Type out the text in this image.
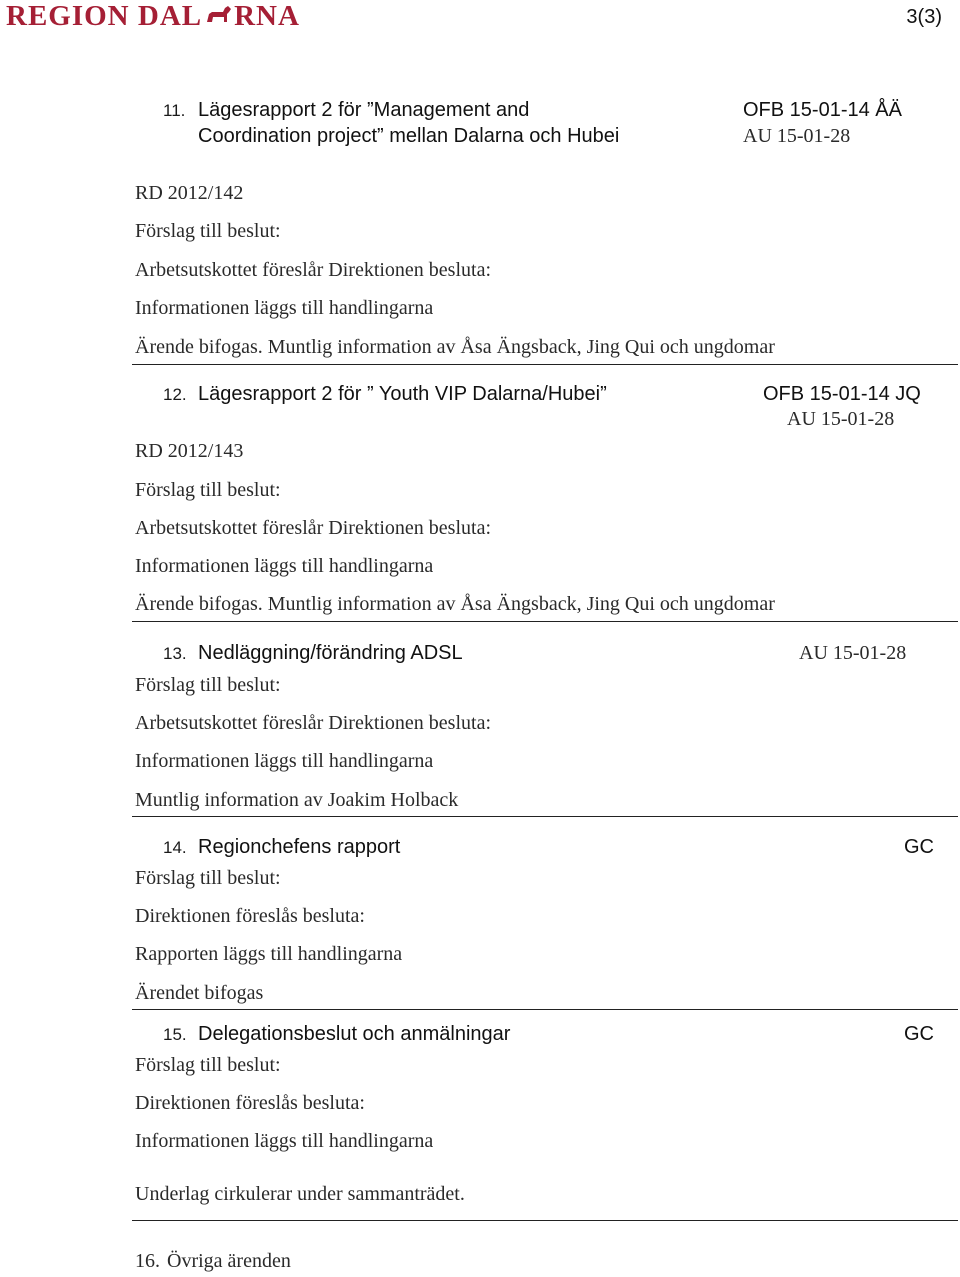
REGION DAL RNA	3(3)
11. Lägesrapport 2 för ”Management and
Coordination project” mellan Dalarna och Hubei
OFB 15-01-14 ÅÄ
AU 15-01-28
RD 2012/142
Förslag till beslut:
Arbetsutskottet föreslår Direktionen besluta:
Informationen läggs till handlingarna
Ärende bifogas. Muntlig information av Åsa Ängsback, Jing Qui och ungdomar
12. Lägesrapport 2 för ” Youth VIP Dalarna/Hubei”	OFB 15-01-14 JQ
AU 15-01-28
RD 2012/143
Förslag till beslut:
Arbetsutskottet föreslår Direktionen besluta:
Informationen läggs till handlingarna
Ärende bifogas. Muntlig information av Åsa Ängsback, Jing Qui och ungdomar
13. Nedläggning/förändring ADSL	AU 15-01-28
Förslag till beslut:
Arbetsutskottet föreslår Direktionen besluta:
Informationen läggs till handlingarna
Muntlig information av Joakim Holback
14. Regionchefens rapport	GC
Förslag till beslut:
Direktionen föreslås besluta:
Rapporten läggs till handlingarna
Ärendet bifogas
15. Delegationsbeslut och anmälningar	GC
Förslag till beslut:
Direktionen föreslås besluta:
Informationen läggs till handlingarna
Underlag cirkulerar under sammanträdet.
16. Övriga ärenden
